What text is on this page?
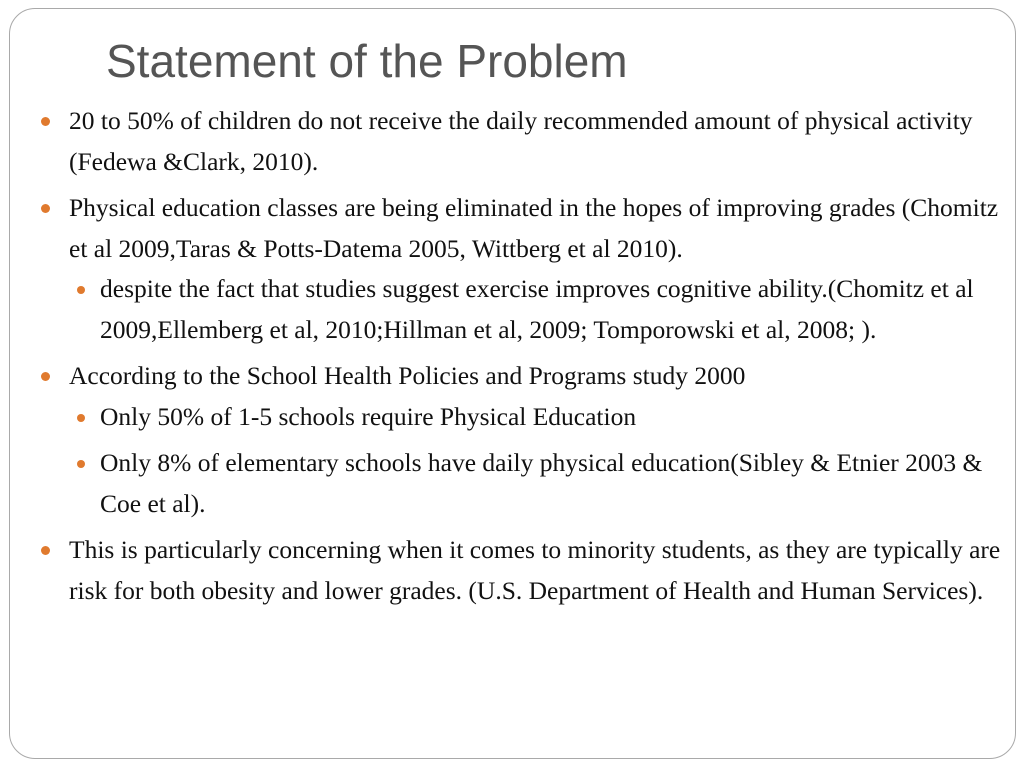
Statement of the Problem

20 to 50% of children do not receive the daily recommended amount of physical activity (Fedewa &Clark, 2010).

Physical education classes are being eliminated in the hopes of improving grades (Chomitz et al 2009,Taras & Potts-Datema 2005, Wittberg et al 2010).

despite the fact that studies suggest exercise improves cognitive ability.(Chomitz et al 2009,Ellemberg et al, 2010;Hillman et al, 2009; Tomporowski et al, 2008; ).

According to the School Health Policies and Programs study 2000

Only 50% of 1-5 schools require Physical Education

Only 8% of elementary schools have daily physical education(Sibley & Etnier 2003 & Coe et al).

This is particularly concerning when it comes to minority students, as they are typically are risk for both obesity and lower grades. (U.S. Department of Health and Human Services).
